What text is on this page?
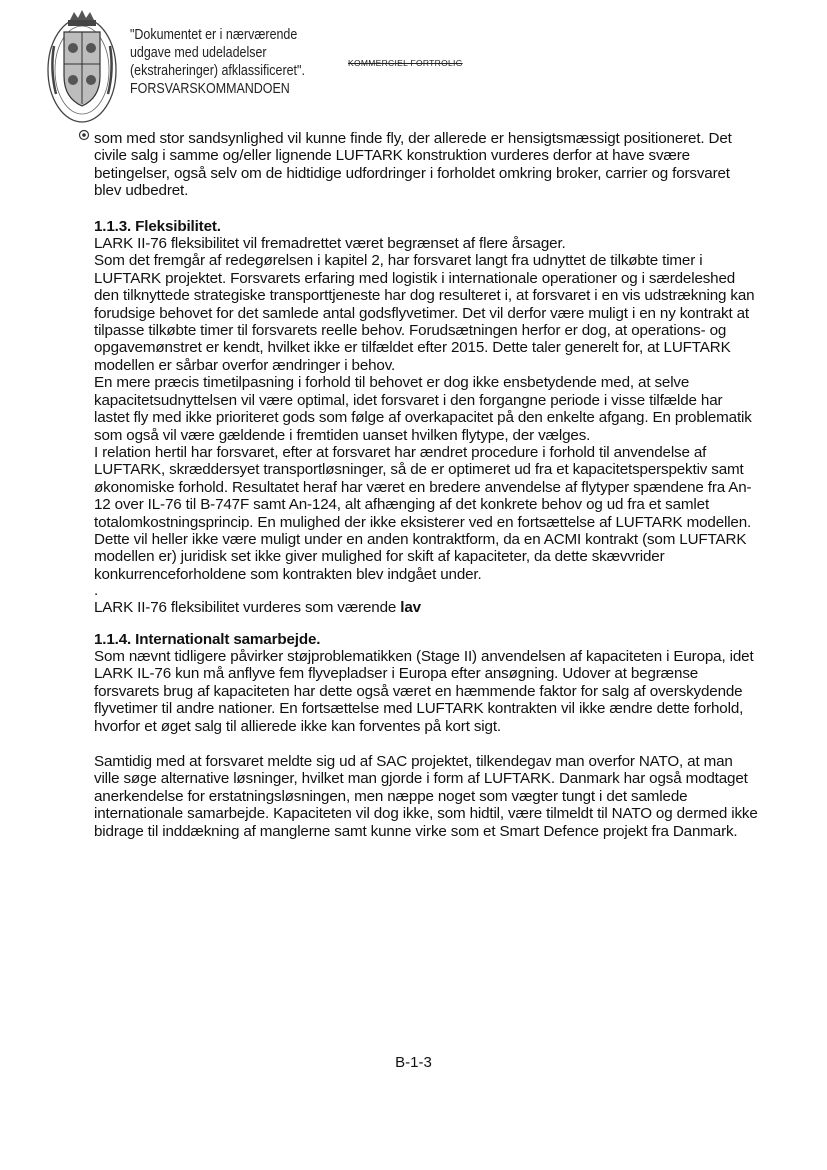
"Dokumentet er i nærværende
udgave med udeladelser
(ekstraheringer) afklassificeret".
FORSVARSKOMMANDOEN
KOMMERCIEL FORTROLIG

som med stor sandsynlighed vil kunne finde fly, der allerede er hensigtsmæssigt positioneret. Det civile salg i samme og/eller lignende LUFTARK konstruktion vurderes derfor at have svære betingelser, også selv om de hidtidige udfordringer i forholdet omkring broker, carrier og forsvaret blev udbedret.

1.1.3. Fleksibilitet.

LARK II-76 fleksibilitet vil fremadrettet været begrænset af flere årsager.

Som det fremgår af redegørelsen i kapitel 2, har forsvaret langt fra udnyttet de tilkøbte timer i LUFTARK projektet. Forsvarets erfaring med logistik i internationale operationer og i særdeleshed den tilknyttede strategiske transporttjeneste har dog resulteret i, at forsvaret i en vis udstrækning kan forudsige behovet for det samlede antal godsflyvetimer. Det vil derfor være muligt i en ny kontrakt at tilpasse tilkøbte timer til forsvarets reelle behov. Forudsætningen herfor er dog, at operations- og opgavemønstret er kendt, hvilket ikke er tilfældet efter 2015. Dette taler generelt for, at LUFTARK modellen er sårbar overfor ændringer i behov.

En mere præcis timetilpasning i forhold til behovet er dog ikke ensbetydende med, at selve kapacitetsudnyttelsen vil være optimal, idet forsvaret i den forgangne periode i visse tilfælde har lastet fly med ikke prioriteret gods som følge af overkapacitet på den enkelte afgang. En problematik som også vil være gældende i fremtiden uanset hvilken flytype, der vælges.

I relation hertil har forsvaret, efter at forsvaret har ændret procedure i forhold til anvendelse af LUFTARK, skræddersyet transportløsninger, så de er optimeret ud fra et kapacitetsperspektiv samt økonomiske forhold. Resultatet heraf har været en bredere anvendelse af flytyper spændene fra An-12 over IL-76 til B-747F samt An-124, alt afhænging af det konkrete behov og ud fra et samlet totalomkostningsprincip. En mulighed der ikke eksisterer ved en fortsættelse af LUFTARK modellen. Dette vil heller ikke være muligt under en anden kontraktform, da en ACMI kontrakt (som LUFTARK modellen er) juridisk set ikke giver mulighed for skift af kapaciteter, da dette skævvrider konkurrenceforholdene som kontrakten blev indgået under.

.

LARK II-76 fleksibilitet vurderes som værende lav

1.1.4. Internationalt samarbejde.

Som nævnt tidligere påvirker støjproblematikken (Stage II) anvendelsen af kapaciteten i Europa, idet LARK IL-76 kun må anflyve fem flyvepladser i Europa efter ansøgning. Udover at begrænse forsvarets brug af kapaciteten har dette også været en hæmmende faktor for salg af overskydende flyvetimer til andre nationer. En fortsættelse med LUFTARK kontrakten vil ikke ændre dette forhold, hvorfor et øget salg til allierede ikke kan forventes på kort sigt.

Samtidig med at forsvaret meldte sig ud af SAC projektet, tilkendegav man overfor NATO, at man ville søge alternative løsninger, hvilket man gjorde i form af LUFTARK. Danmark har også modtaget anerkendelse for erstatningsløsningen, men næppe noget som vægter tungt i det samlede internationale samarbejde. Kapaciteten vil dog ikke, som hidtil, være tilmeldt til NATO og dermed ikke bidrage til inddækning af manglerne samt kunne virke som et Smart Defence projekt fra Danmark.

B-1-3
